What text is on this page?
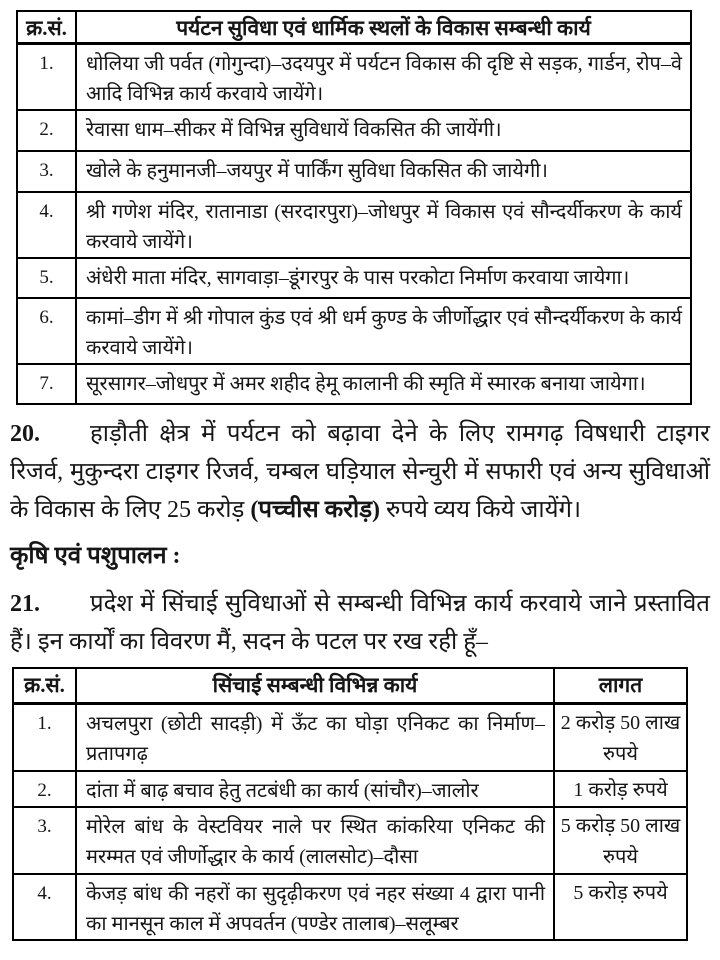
क्र.सं.	पर्यटन सुविधा एवं धार्मिक स्थलों के विकास सम्बन्धी कार्य
1.	धोलिया जी पर्वत (गोगुन्दा)–उदयपुर में पर्यटन विकास की दृष्टि से सड़क, गार्डन, रोप–वे आदि विभिन्न कार्य करवाये जायेंगे।
2.	रेवासा धाम–सीकर में विभिन्न सुविधायें विकसित की जायेंगी।
3.	खोले के हनुमानजी–जयपुर में पार्किंग सुविधा विकसित की जायेगी।
4.	श्री गणेश मंदिर, रातानाडा (सरदारपुरा)–जोधपुर में विकास एवं सौन्दर्यीकरण के कार्य करवाये जायेंगे।
5.	अंधेरी माता मंदिर, सागवाड़ा–डूंगरपुर के पास परकोटा निर्माण करवाया जायेगा।
6.	कामां–डीग में श्री गोपाल कुंड एवं श्री धर्म कुण्ड के जीर्णोद्धार एवं सौन्दर्यीकरण के कार्य करवाये जायेंगे।
7.	सूरसागर–जोधपुर में अमर शहीद हेमू कालानी की स्मृति में स्मारक बनाया जायेगा।
20. हाड़ौती क्षेत्र में पर्यटन को बढ़ावा देने के लिए रामगढ़ विषधारी टाइगर रिजर्व, मुकुन्दरा टाइगर रिजर्व, चम्बल घड़ियाल सेन्चुरी में सफारी एवं अन्य सुविधाओं के विकास के लिए 25 करोड़ (पच्चीस करोड़) रुपये व्यय किये जायेंगे।
कृषि एवं पशुपालन :
21. प्रदेश में सिंचाई सुविधाओं से सम्बन्धी विभिन्न कार्य करवाये जाने प्रस्तावित हैं। इन कार्यों का विवरण मैं, सदन के पटल पर रख रही हूँ–
क्र.सं.	सिंचाई सम्बन्धी विभिन्न कार्य	लागत
1.	अचलपुरा (छोटी सादड़ी) में ऊँट का घोड़ा एनिकट का निर्माण–प्रतापगढ़	2 करोड़ 50 लाख रुपये
2.	दांता में बाढ़ बचाव हेतु तटबंधी का कार्य (सांचौर)–जालोर	1 करोड़ रुपये
3.	मोरेल बांध के वेस्टवियर नाले पर स्थित कांकरिया एनिकट की मरम्मत एवं जीर्णोद्धार के कार्य (लालसोट)–दौसा	5 करोड़ 50 लाख रुपये
4.	केजड़ बांध की नहरों का सुदृढ़ीकरण एवं नहर संख्या 4 द्वारा पानी का मानसून काल में अपवर्तन (पण्डेर तालाब)–सलूम्बर	5 करोड़ रुपये
